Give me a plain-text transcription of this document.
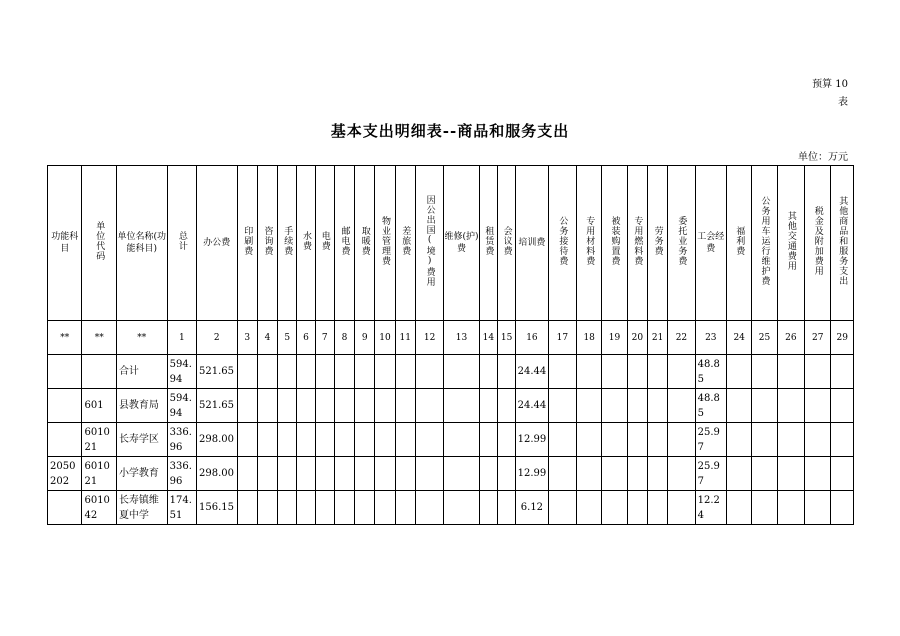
预算 10
表
基本支出明细表--商品和服务支出
单位：万元
功能科目	单位代码	单位名称(功能科目)	总计	办公费	印刷费	咨询费	手续费	水费	电费	邮电费	取暖费	物业管理费	差旅费	因公出国(境)费用	维修(护)费	租赁费	会议费	培训费	公务接待费	专用材料费	被装购置费	专用燃料费	劳务费	委托业务费	工会经费	福利费	公务用车运行维护费	其他交通费用	税金及附加费用	其他商品和服务支出
**	**	**	1	2	3	4	5	6	7	8	9	10	11	12	13	14	15	16	17	18	19	20	21	22	23	24	25	26	27	29
		合计	594.94	521.65														24.44							48.85					
	601	县教育局	594.94	521.65														24.44							48.85					
	601021	长寿学区	336.96	298.00														12.99							25.97					
2050202	601021	小学教育	336.96	298.00														12.99							25.97					
	601042	长寿镇维夏中学	174.51	156.15														6.12							12.24					
